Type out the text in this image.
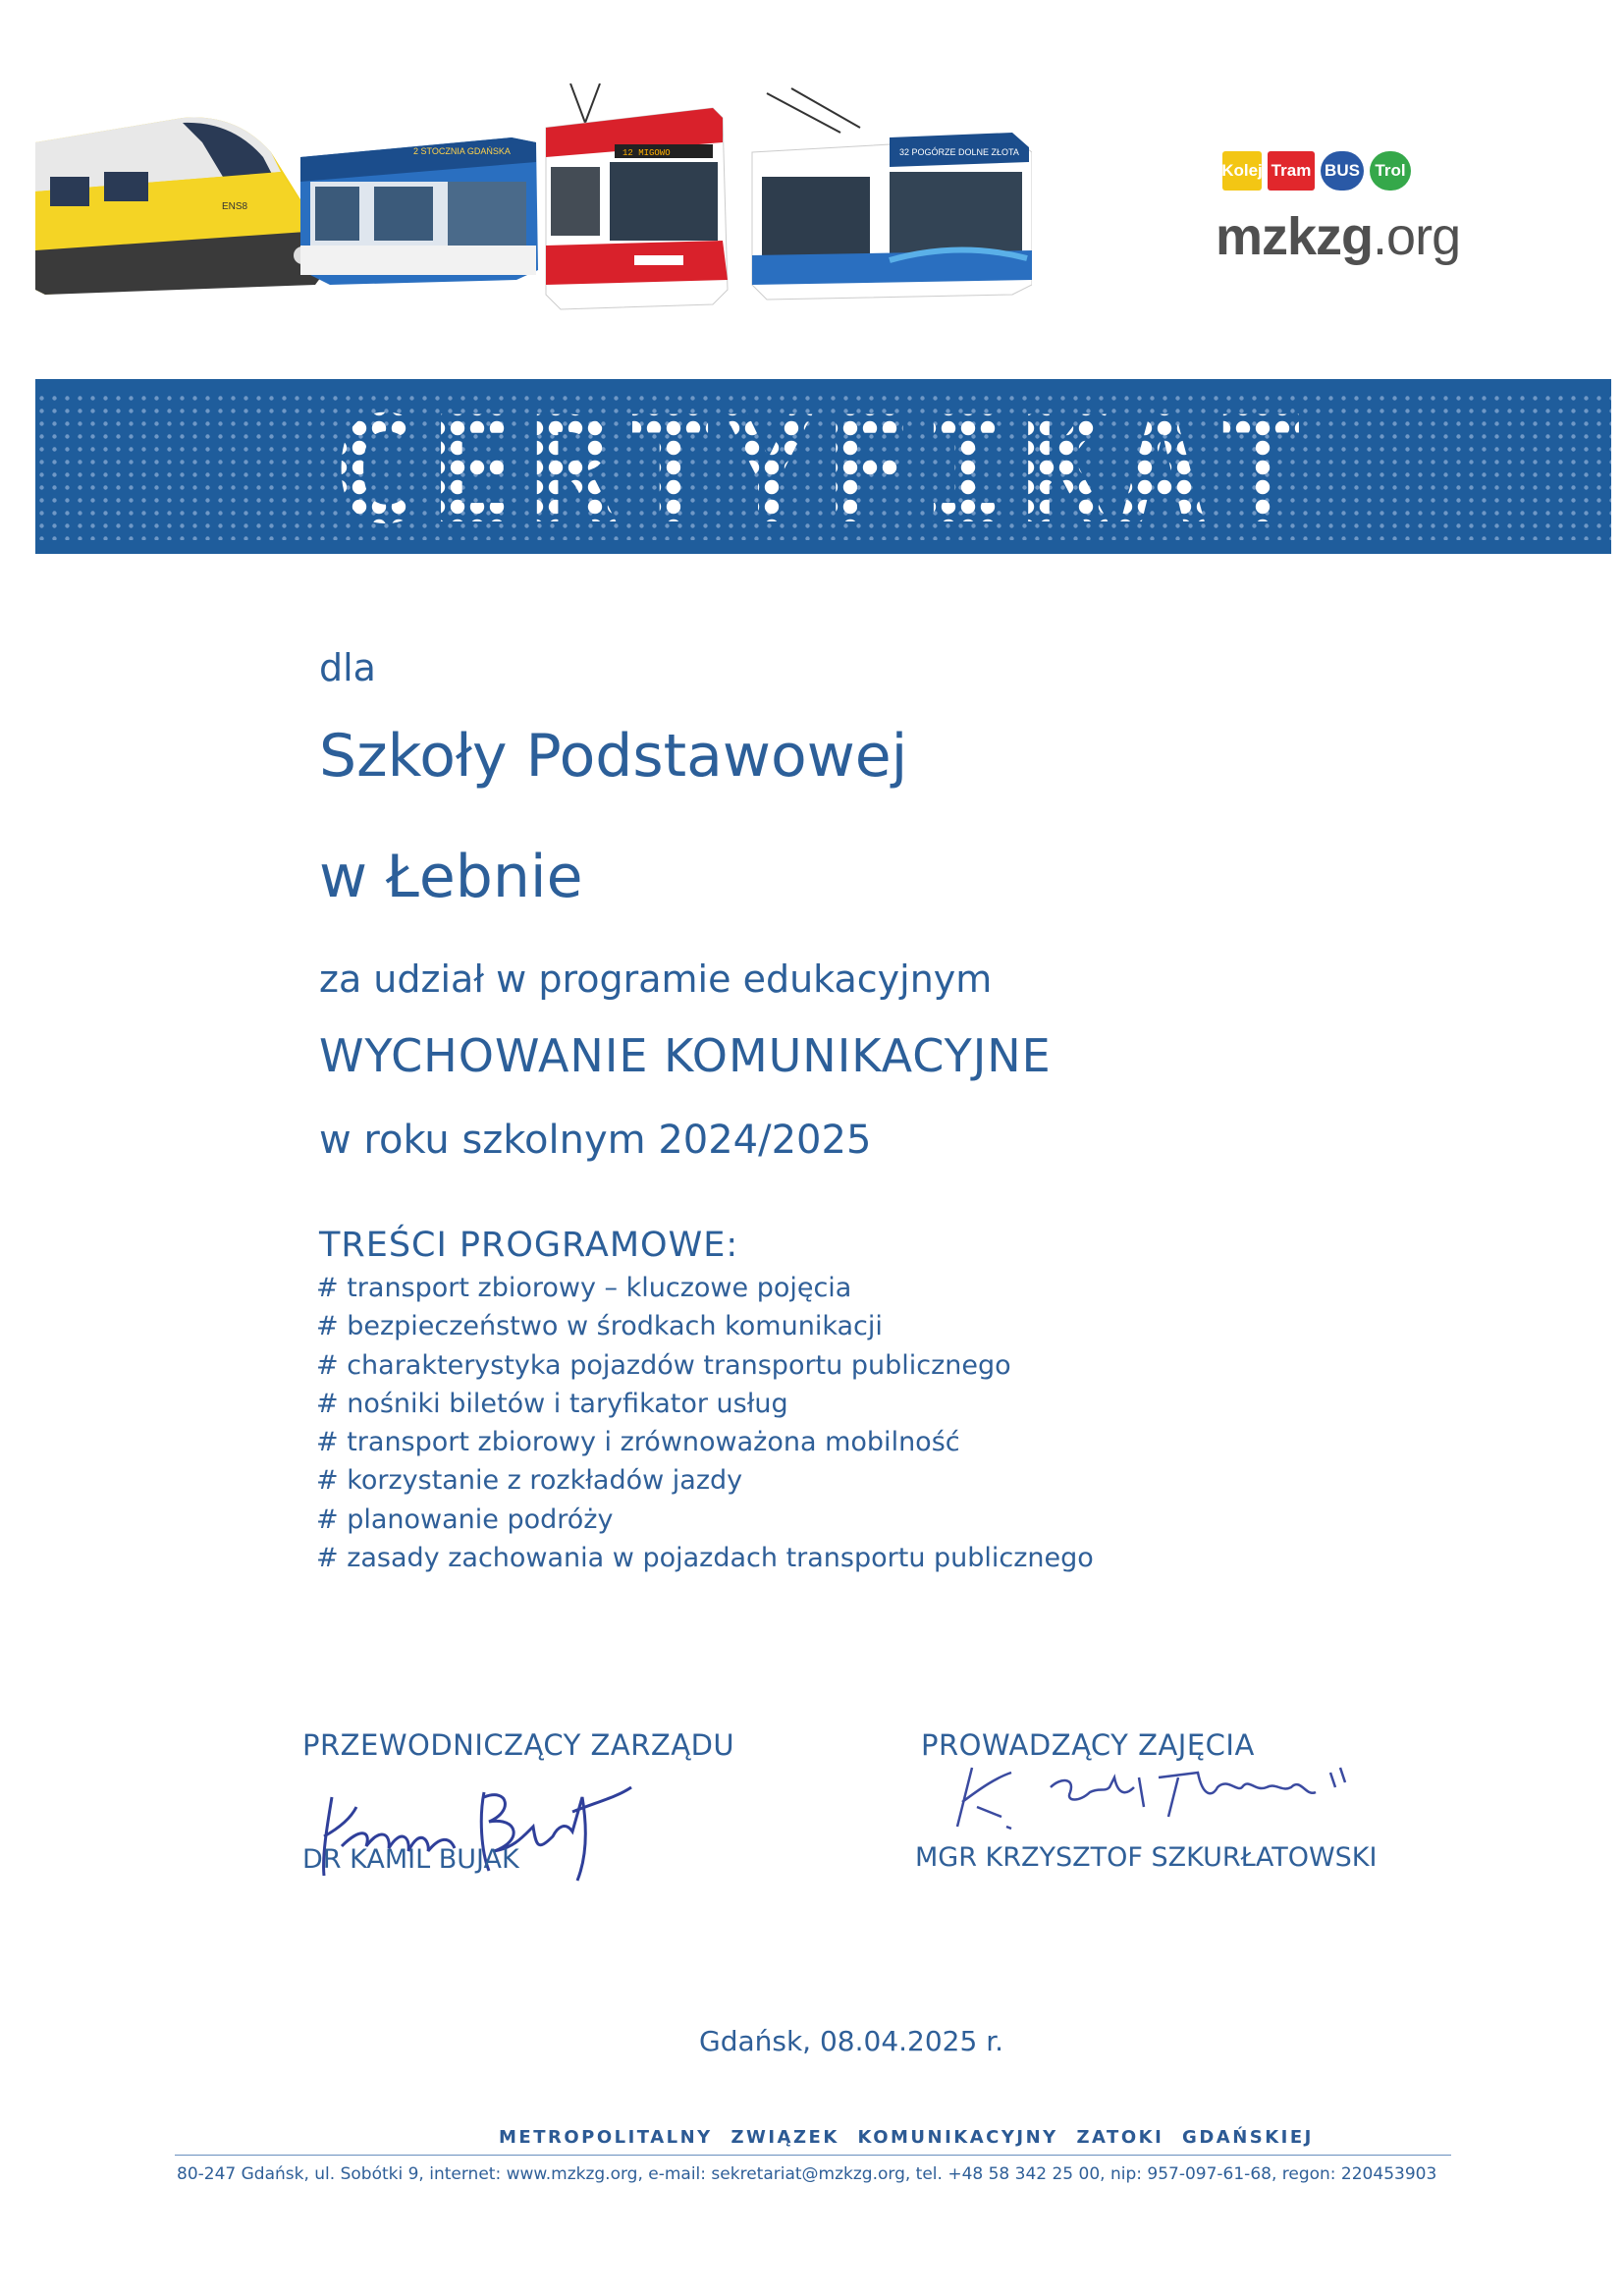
ENS8
2 STOCZNIA GDAŃSKA	12 MIGOWO	32 POGÓRZE DOLNE ZŁOTA
Kolej Tram BUS Trol
mzkzg.org
CERTYFIKAT
dla
Szkoły Podstawowej
w Łebnie
za udział w programie edukacyjnym
WYCHOWANIE KOMUNIKACYJNE
w roku szkolnym 2024/2025
TREŚCI PROGRAMOWE:
# transport zbiorowy – kluczowe pojęcia
# bezpieczeństwo w środkach komunikacji
# charakterystyka pojazdów transportu publicznego
# nośniki biletów i taryfikator usług
# transport zbiorowy i zrównoważona mobilność
# korzystanie z rozkładów jazdy
# planowanie podróży
# zasady zachowania w pojazdach transportu publicznego
PRZEWODNICZĄCY ZARZĄDU
DR KAMIL BUJAK
PROWADZĄCY ZAJĘCIA
MGR KRZYSZTOF SZKURŁATOWSKI
Gdańsk, 08.04.2025 r.
METROPOLITALNY ZWIĄZEK KOMUNIKACYJNY ZATOKI GDAŃSKIEJ
80-247 Gdańsk, ul. Sobótki 9, internet: www.mzkzg.org, e-mail: sekretariat@mzkzg.org, tel. +48 58 342 25 00, nip: 957-097-61-68, regon: 220453903
